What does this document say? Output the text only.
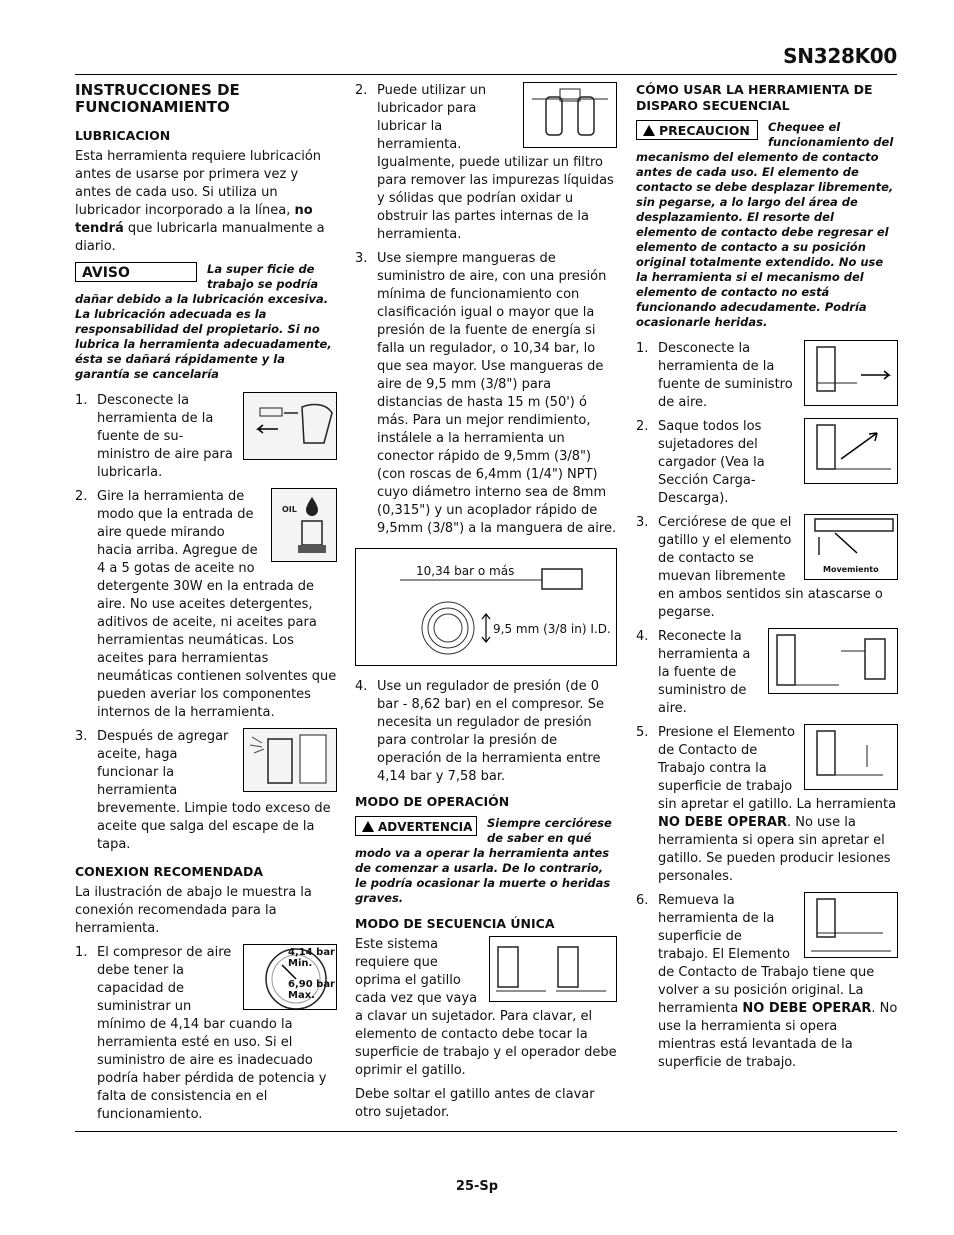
SN328K00
INSTRUCCIONES DE FUNCIONAMIENTO
LUBRICACION

Esta herramienta requiere lubricación antes de usarse por primera vez y antes de cada uso. Si utiliza un lubricador incorporado a la línea, no tendrá que lubricarla manualmente a diario.

AVISO	La super ficie de trabajo se podría dañar debido a la lubricación excesiva. La lubricación adecuada es la responsabilidad del propietario. Si no lubrica la herramienta adecuadamente, ésta se dañará rápidamente y la garantía se cancelaría
1. Desconecte la herramienta de la fuente de su-ministro de aire para lubricarla.
2.
OIL
Gire la herramienta de modo que la entrada de aire quede mirando hacia arriba. Agregue de 4 a 5 gotas de aceite no detergente 30W en la entrada de aire. No use aceites detergentes, aditivos de aceite, ni aceites para herramientas neumáticas. Los aceites para herramientas neumáticas contienen solventes que pueden averiar los componentes internos de la herramienta.
3. Después de agregar aceite, haga funcionar la herramienta brevemente. Limpie todo exceso de aceite que salga del escape de la tapa.
CONEXION RECOMENDADA

La ilustración de abajo le muestra la conexión recomendada para la herramienta.

1.	4,14 bar Min.
6,90 bar Max.
El compresor de aire debe tener la capacidad de suministrar un mínimo de 4,14 bar cuando la herramienta esté en uso. Si el suministro de aire es inadecuado podría haber pérdida de potencia y falta de consistencia en el funcionamiento.
2. Puede utilizar un lubricador para lubricar la herramienta. Igualmente, puede utilizar un filtro para remover las impurezas líquidas y sólidas que podrían oxidar u obstruir las partes internas de la herramienta.
3. Use siempre mangueras de suministro de aire, con una presión mínima de funcionamiento con clasificación igual o mayor que la presión de la fuente de energía si falla un regulador, o 10,34 bar, lo que sea mayor. Use mangueras de aire de 9,5 mm (3/8") para distancias de hasta 15 m (50') ó más. Para un mejor rendimiento, instálele a la herramienta un conector rápido de 9,5mm (3/8") (con roscas de 6,4mm (1/4") NPT) cuyo diámetro interno sea de 8mm (0,315") y un acoplador rápido de 9,5mm (3/8") a la manguera de aire.
10,34 bar o más
9,5 mm (3/8 in) I.D.
4. Use un regulador de presión (de 0 bar - 8,62 bar) en el compresor. Se necesita un regulador de presión para controlar la presión de operación de la herramienta entre 4,14 bar y 7,58 bar.
MODO DE OPERACIÓN
ADVERTENCIA	Siempre cerciórese de saber en qué modo va a operar la herramienta antes de comenzar a usarla. De lo contrario, le podría ocasionar la muerte o heridas graves.
MODO DE SECUENCIA ÚNICA

Este sistema requiere que oprima el gatillo cada vez que vaya a clavar un sujetador. Para clavar, el elemento de contacto debe tocar la superficie de trabajo y el operador debe oprimir el gatillo.

Debe soltar el gatillo antes de clavar otro sujetador.

CÓMO USAR LA HERRAMIENTA DE DISPARO SECUENCIAL
PRECAUCION	Chequee el funcionamiento del mecanismo del elemento de contacto antes de cada uso. El elemento de contacto se debe desplazar libremente, sin pegarse, a lo largo del área de desplazamiento. El resorte del elemento de contacto debe regresar el elemento de contacto a su posición original totalmente extendido. No use la herramienta si el mecanismo del elemento de contacto no está funcionando adecudamente. Podría ocasionarle heridas.
1. Desconecte la herramienta de la fuente de suministro de aire.
2. Saque todos los sujetadores del cargador (Vea la Sección Carga-Descarga).
3.
Movemiento
Cerciórese de que el gatillo y el elemento de contacto se muevan libremente en ambos sentidos sin atascarse o pegarse.
4. Reconecte la herramienta a la fuente de suministro de aire.
5. Presione el Elemento de Contacto de Trabajo contra la superficie de trabajo sin apretar el gatillo. La herramienta NO DEBE OPERAR. No use la herramienta si opera sin apretar el gatillo. Se pueden producir lesiones personales.
6. Remueva la herramienta de la superficie de trabajo. El Elemento de Contacto de Trabajo tiene que volver a su posición original. La herramienta NO DEBE OPERAR. No use la herramienta si opera mientras está levantada de la superficie de trabajo.
25-Sp
